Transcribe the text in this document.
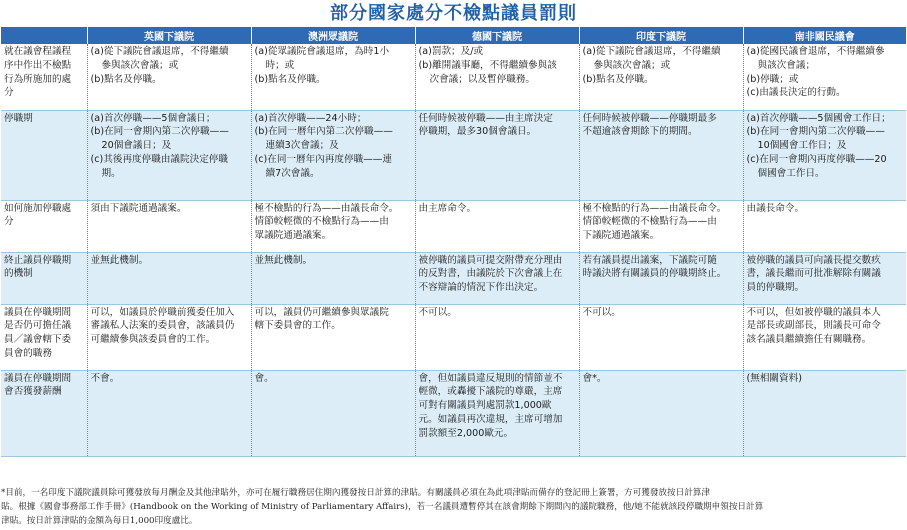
部分國家處分不檢點議員罰則
	英國下議院	澳洲眾議院	德國下議院	印度下議院	南非國民議會

就在議會程議程
序中作出不檢點
行為所施加的處
分	(a)從下議院會議退席，不得繼續
參與該次會議；或
(b)點名及停職。	(a)從眾議院會議退席，為時1小
時；或
(b)點名及停職。	(a)罰款；及/或
(b)離開議事廳，不得繼續參與該
次會議；以及暫停職務。	(a)從下議院會議退席，不得繼續
參與該次會議；或
(b)點名及停職。	(a)從國民議會退席，不得繼續參
與該次會議；
(b)停職；或
(c)由議長決定的行動。

停職期	(a)首次停職——5個會議日；
(b)在同一會期內第二次停職——
20個會議日；及
(c)其後再度停職由議院決定停職
期。	(a)首次停職——24小時；
(b)在同一曆年內第二次停職——
連續3次會議；及
(c)在同一曆年內再度停職——連
續7次會議。	任何時候被停職——由主席決定
停職期，最多30個會議日。	任何時候被停職——停職期最多
不超逾該會期餘下的期間。	(a)首次停職——5個國會工作日；
(b)在同一會期內第二次停職——
10個國會工作日；及
(c)在同一會期內再度停職——20
個國會工作日。

如何施加停職處
分	須由下議院通過議案。	極不檢點的行為——由議長命令。
情節較輕微的不檢點行為——由
眾議院通過議案。	由主席命令。	極不檢點的行為——由議長命令。
情節較輕微的不檢點行為——由
下議院通過議案。	由議長命令。

終止議員停職期
的機制	並無此機制。	並無此機制。	被停職的議員可提交附帶充分理由
的反對書，由議院於下次會議上在
不容辯論的情況下作出決定。	若有議員提出議案，下議院可隨
時議決將有關議員的停職期終止。	被停職的議員可向議長提交數疚
書，議長繼而可批准解除有關議
員的停職期。

議員在停職期間
是否仍可擔任議
員／議會轄下委
員會的職務	可以，如議員於停職前獲委任加入
審議私人法案的委員會，該議員仍
可繼續參與該委員會的工作。	可以，議員仍可繼續參與眾議院
轄下委員會的工作。	不可以。	不可以。	不可以，但如被停職的議員本人
是部長或副部長，則議長可命令
該名議員繼續擔任有關職務。

議員在停職期間
會否獲發薪酬	不會。	會。	會，但如議員違反規則的情節並不
輕微，或轟擾下議院的尊嚴，主席
可對有關議員判處罰款1,000歐
元。如議員再次違規，主席可增加
罰款額至2,000歐元。	會*。	(無相關資料)
*目前，一名印度下議院議員除可獲發放每月酬金及其他津貼外，亦可在履行職務居住期內獲發按日計算的津貼。有關議員必須在為此項津貼而備存的登記冊上簽署，方可獲發放按日計算津
貼。根據《國會事務部工作手冊》(Handbook on the Working of Ministry of Parliamentary Affairs)，若一名議員遭暫停其在該會期餘下期間內的議院職務，他/她不能就該段停職期申領按日計算
津貼。按日計算津貼的金額為每日1,000印度盧比。
